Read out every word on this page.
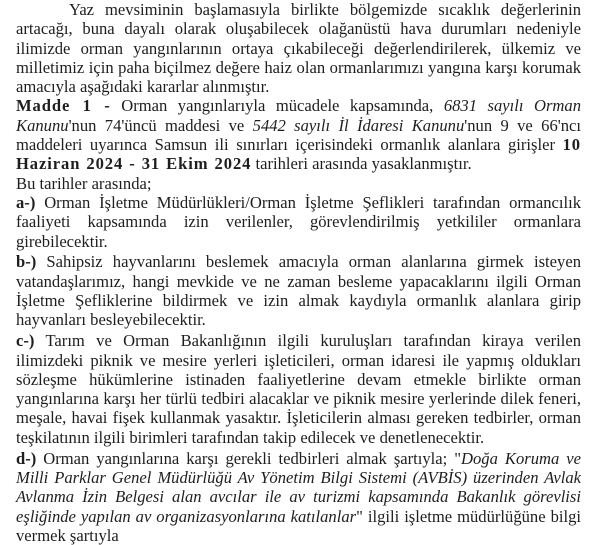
Yaz mevsiminin başlamasıyla birlikte bölgemizde sıcaklık değerlerinin artacağı, buna dayalı olarak oluşabilecek olağanüstü hava durumları nedeniyle ilimizde orman yangınlarının ortaya çıkabileceği değerlendirilerek, ülkemiz ve milletimiz için paha biçilmez değere haiz olan ormanlarımızı yangına karşı korumak amacıyla aşağıdaki kararlar alınmıştır.

Madde 1 - Orman yangınlarıyla mücadele kapsamında, 6831 sayılı Orman Kanunu'nun 74'üncü maddesi ve 5442 sayılı İl İdaresi Kanunu'nun 9 ve 66'ncı maddeleri uyarınca Samsun ili sınırları içerisindeki ormanlık alanlara girişler 10 Haziran 2024 - 31 Ekim 2024 tarihleri arasında yasaklanmıştır.

Bu tarihler arasında;

a-) Orman İşletme Müdürlükleri/Orman İşletme Şeflikleri tarafından ormancılık faaliyeti kapsamında izin verilenler, görevlendirilmiş yetkililer ormanlara girebilecektir.

b-) Sahipsiz hayvanlarını beslemek amacıyla orman alanlarına girmek isteyen vatandaşlarımız, hangi mevkide ve ne zaman besleme yapacaklarını ilgili Orman İşletme Şefliklerine bildirmek ve izin almak kaydıyla ormanlık alanlara girip hayvanları besleyebilecektir.

c-) Tarım ve Orman Bakanlığının ilgili kuruluşları tarafından kiraya verilen ilimizdeki piknik ve mesire yerleri işleticileri, orman idaresi ile yapmış oldukları sözleşme hükümlerine istinaden faaliyetlerine devam etmekle birlikte orman yangınlarına karşı her türlü tedbiri alacaklar ve piknik mesire yerlerinde dilek feneri, meşale, havai fişek kullanmak yasaktır. İşleticilerin alması gereken tedbirler, orman teşkilatının ilgili birimleri tarafından takip edilecek ve denetlenecektir.

d-) Orman yangınlarına karşı gerekli tedbirleri almak şartıyla; "Doğa Koruma ve Milli Parklar Genel Müdürlüğü Av Yönetim Bilgi Sistemi (AVBİS) üzerinden Avlak Avlanma İzin Belgesi alan avcılar ile av turizmi kapsamında Bakanlık görevlisi eşliğinde yapılan av organizasyonlarına katılanlar" ilgili işletme müdürlüğüne bilgi vermek şartıyla
